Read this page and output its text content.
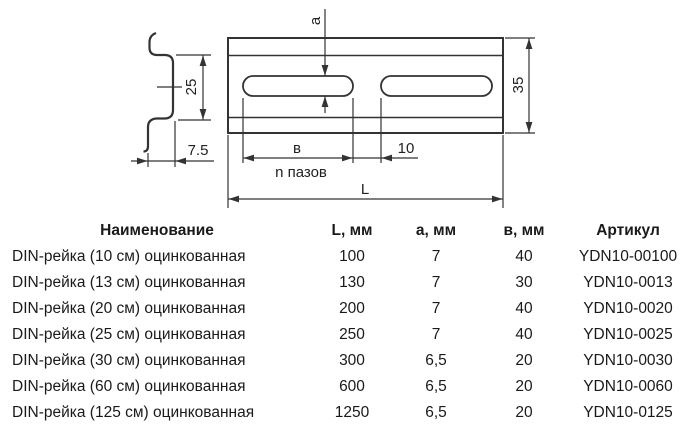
25
7.5
a
в	10
n пазов
L
35
Наименование	L, мм	а, мм	в, мм	Артикул
DIN-рейка (10 см) оцинкованная	100	7	40	YDN10-00100
DIN-рейка (13 см) оцинкованная	130	7	30	YDN10-0013
DIN-рейка (20 см) оцинкованная	200	7	40	YDN10-0020
DIN-рейка (25 см) оцинкованная	250	7	40	YDN10-0025
DIN-рейка (30 см) оцинкованная	300	6,5	20	YDN10-0030
DIN-рейка (60 см) оцинкованная	600	6,5	20	YDN10-0060
DIN-рейка (125 см) оцинкованная	1250	6,5	20	YDN10-0125
